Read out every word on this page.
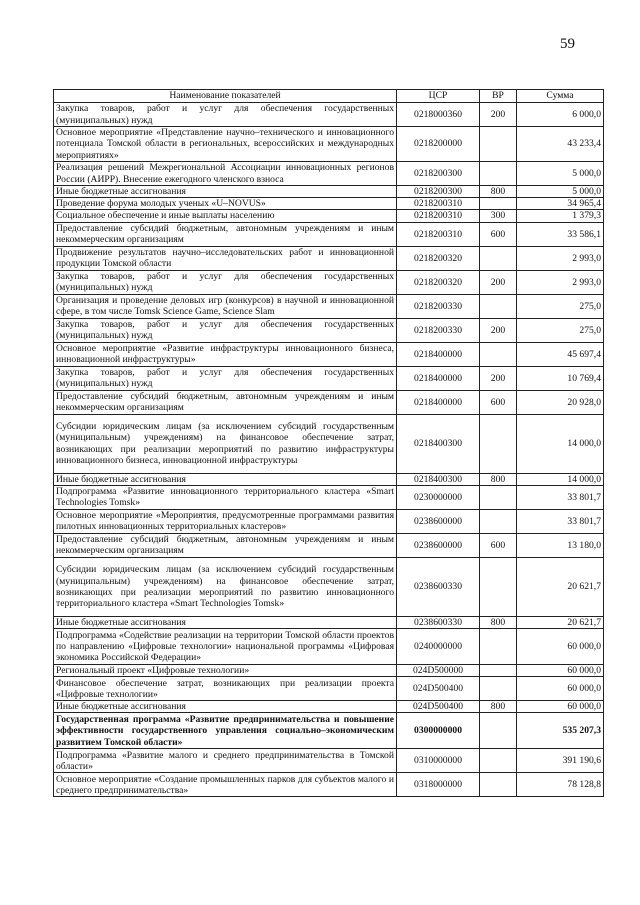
59
Наименование показателей	ЦСР	ВР	Сумма
Закупка товаров, работ и услуг для обеспечения государственных (муниципальных) нужд	0218000360	200	6 000,0
Основное мероприятие «Представление научно–технического и инновационного потенциала Томской области в региональных, всероссийских и международных мероприятиях»	0218200000		43 233,4
Реализация решений Межрегиональной Ассоциации инновационных регионов России (АИРР). Внесение ежегодного членского взноса	0218200300		5 000,0
Иные бюджетные ассигнования	0218200300	800	5 000,0
Проведение форума молодых ученых «U–NOVUS»	0218200310		34 965,4
Социальное обеспечение и иные выплаты населению	0218200310	300	1 379,3
Предоставление субсидий бюджетным, автономным учреждениям и иным некоммерческим организациям	0218200310	600	33 586,1
Продвижение результатов научно–исследовательских работ и инновационной продукции Томской области	0218200320		2 993,0
Закупка товаров, работ и услуг для обеспечения государственных (муниципальных) нужд	0218200320	200	2 993,0
Организация и проведение деловых игр (конкурсов) в научной и инновационной сфере, в том числе Tomsk Science Game, Science Slam	0218200330		275,0
Закупка товаров, работ и услуг для обеспечения государственных (муниципальных) нужд	0218200330	200	275,0
Основное мероприятие «Развитие инфраструктуры инновационного бизнеса, инновационной инфраструктуры»	0218400000		45 697,4
Закупка товаров, работ и услуг для обеспечения государственных (муниципальных) нужд	0218400000	200	10 769,4
Предоставление субсидий бюджетным, автономным учреждениям и иным некоммерческим организациям	0218400000	600	20 928,0
Субсидии юридическим лицам (за исключением субсидий государственным (муниципальным) учреждениям) на финансовое обеспечение затрат, возникающих при реализации мероприятий по развитию инфраструктуры инновационного бизнеса, инновационной инфраструктуры	0218400300		14 000,0
Иные бюджетные ассигнования	0218400300	800	14 000,0
Подпрограмма «Развитие инновационного территориального кластера «Smart Technologies Tomsk»	0230000000		33 801,7
Основное мероприятие «Мероприятия, предусмотренные программами развития пилотных инновационных территориальных кластеров»	0238600000		33 801,7
Предоставление субсидий бюджетным, автономным учреждениям и иным некоммерческим организациям	0238600000	600	13 180,0
Субсидии юридическим лицам (за исключением субсидий государственным (муниципальным) учреждениям) на финансовое обеспечение затрат, возникающих при реализации мероприятий по развитию инновационного территориального кластера «Smart Technologies Tomsk»	0238600330		20 621,7
Иные бюджетные ассигнования	0238600330	800	20 621,7
Подпрограмма «Содействие реализации на территории Томской области проектов по направлению «Цифровые технологии» национальной программы «Цифровая экономика Российской Федерации»	0240000000		60 000,0
Региональный проект «Цифровые технологии»	024D500000		60 000,0
Финансовое обеспечение затрат, возникающих при реализации проекта «Цифровые технологии»	024D500400		60 000,0
Иные бюджетные ассигнования	024D500400	800	60 000,0
Государственная программа «Развитие предпринимательства и повышение эффективности государственного управления социально–экономическим развитием Томской области»	0300000000		535 207,3
Подпрограмма «Развитие малого и среднего предпринимательства в Томской области»	0310000000		391 190,6
Основное мероприятие «Создание промышленных парков для субъектов малого и среднего предпринимательства»	0318000000		78 128,8
